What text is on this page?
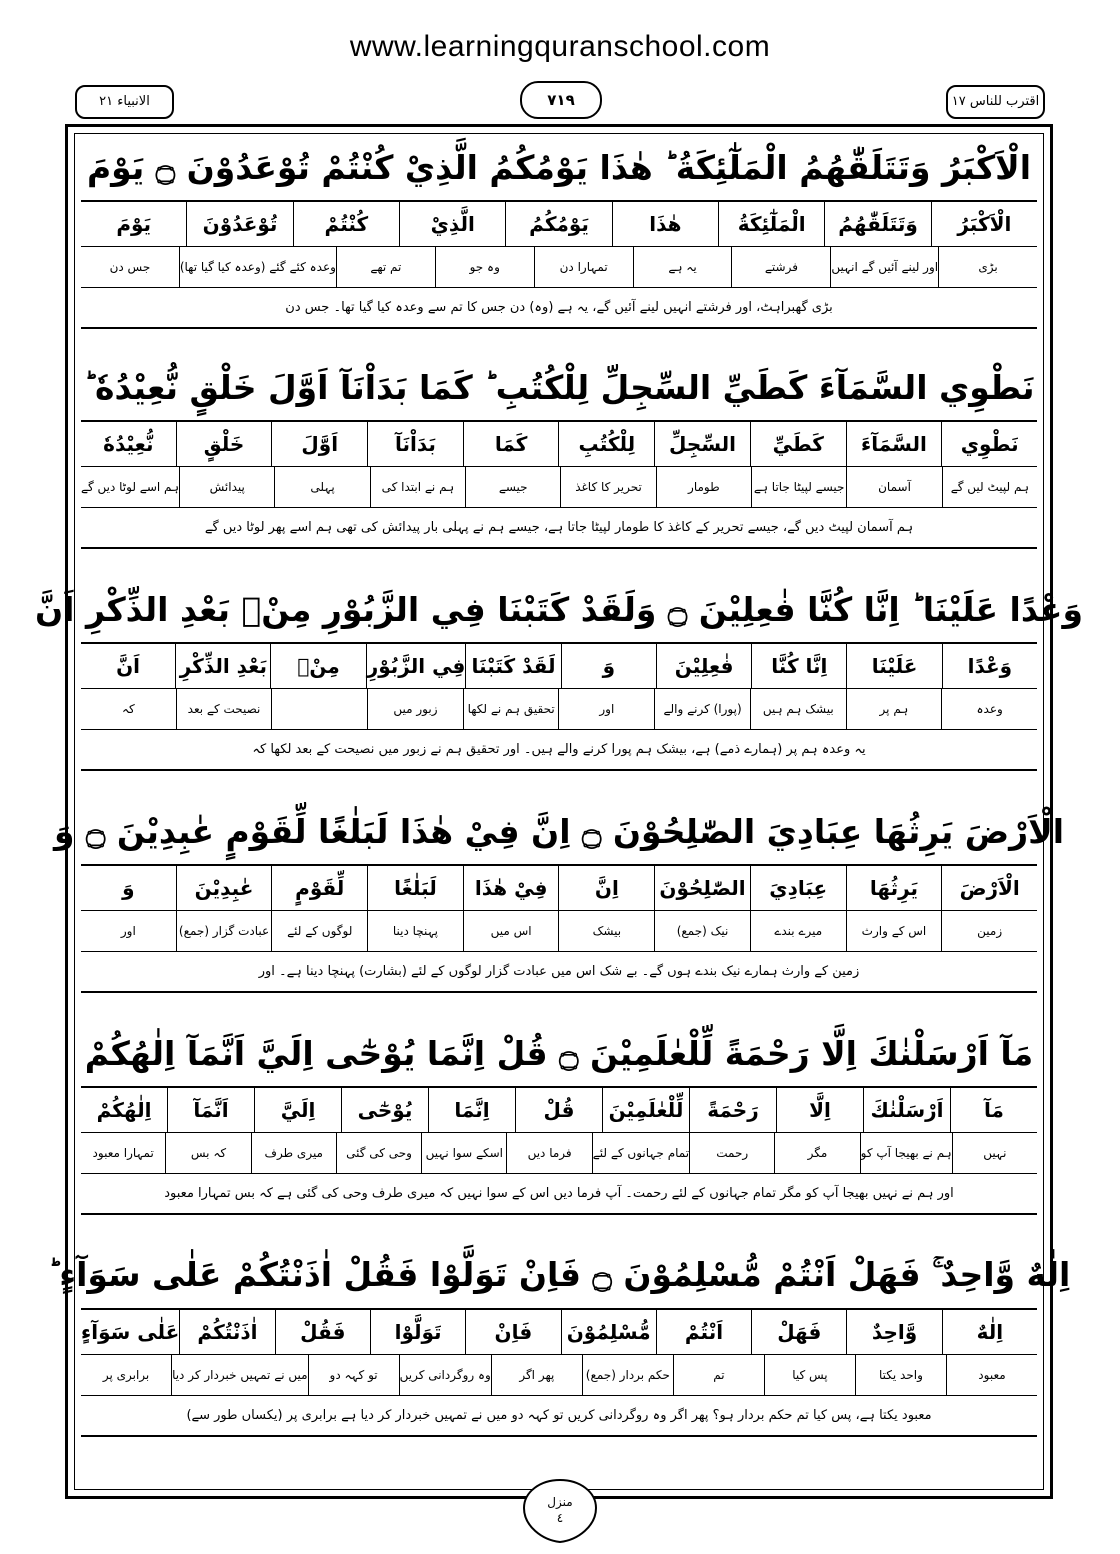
www.learningquranschool.com
الانبياء ٢١	٧١٩	اقترب للناس ١٧
الْاَكْبَرُ وَتَتَلَقّٰهُمُ الْمَلٰٓئِكَةُ ؕ هٰذَا يَوْمُكُمُ الَّذِيْ كُنْتُمْ تُوْعَدُوْنَ ۝ يَوْمَ
الْاَكْبَرُ
وَتَتَلَقّٰهُمُ
الْمَلٰٓئِكَةُ
هٰذَا
يَوْمُكُمُ
الَّذِيْ
كُنْتُمْ
تُوْعَدُوْنَ
يَوْمَ
بڑی
اور لینے آئیں گے انہیں
فرشتے
یہ ہے
تمہارا دن
وہ جو
تم تھے
وعدہ کئے گئے (وعدہ کیا گیا تھا)
جس دن
بڑی گھبراہٹ، اور فرشتے انہیں لینے آئیں گے، یہ ہے (وہ) دن جس کا تم سے وعدہ کیا گیا تھا۔ جس دن
نَطْوِي السَّمَآءَ كَطَيِّ السِّجِلِّ لِلْكُتُبِ ؕ كَمَا بَدَاْنَآ اَوَّلَ خَلْقٍ نُّعِيْدُهٗ ؕ
نَطْوِي
السَّمَآءَ
كَطَيِّ
السِّجِلِّ
لِلْكُتُبِ
كَمَا
بَدَاْنَآ
اَوَّلَ
خَلْقٍ
نُّعِيْدُهٗ
ہم لپیٹ لیں گے
آسمان
جیسے لپیٹا جاتا ہے
طومار
تحریر کا کاغذ
جیسے
ہم نے ابتدا کی
پہلی
پیدائش
ہم اسے لوٹا دیں گے
ہم آسمان لپیٹ دیں گے، جیسے تحریر کے کاغذ کا طومار لپیٹا جاتا ہے، جیسے ہم نے پہلی بار پیدائش کی تھی ہم اسے پھر لوٹا دیں گے
وَعْدًا عَلَيْنَا ؕ اِنَّا كُنَّا فٰعِلِيْنَ ۝ وَلَقَدْ كَتَبْنَا فِي الزَّبُوْرِ مِنْۢ بَعْدِ الذِّكْرِ اَنَّ
وَعْدًا
عَلَيْنَا
اِنَّا كُنَّا
فٰعِلِيْنَ
وَ
لَقَدْ كَتَبْنَا
فِي الزَّبُوْرِ
مِنْۢ
بَعْدِ الذِّكْرِ
اَنَّ
وعدہ
ہم پر
بیشک ہم ہیں
(پورا) کرنے والے
اور
تحقیق ہم نے لکھا
زبور میں
نصیحت کے بعد
کہ
یہ وعدہ ہم پر (ہمارے ذمے) ہے، بیشک ہم پورا کرنے والے ہیں۔ اور تحقیق ہم نے زبور میں نصیحت کے بعد لکھا کہ
الْاَرْضَ يَرِثُهَا عِبَادِيَ الصّٰلِحُوْنَ ۝ اِنَّ فِيْ هٰذَا لَبَلٰغًا لِّقَوْمٍ عٰبِدِيْنَ ۝ وَ
الْاَرْضَ
يَرِثُهَا
عِبَادِيَ
الصّٰلِحُوْنَ
اِنَّ
فِيْ هٰذَا
لَبَلٰغًا
لِّقَوْمٍ
عٰبِدِيْنَ
وَ
زمین
اس کے وارث
میرے بندے
نیک (جمع)
بیشک
اس میں
پہنچا دینا
لوگوں کے لئے
عبادت گزار (جمع)
اور
زمین کے وارث ہمارے نیک بندے ہوں گے۔ بے شک اس میں عبادت گزار لوگوں کے لئے (بشارت) پہنچا دینا ہے۔ اور
مَآ اَرْسَلْنٰكَ اِلَّا رَحْمَةً لِّلْعٰلَمِيْنَ ۝ قُلْ اِنَّمَا يُوْحٰٓى اِلَيَّ اَنَّمَآ اِلٰهُكُمْ
مَآ
اَرْسَلْنٰكَ
اِلَّا
رَحْمَةً
لِّلْعٰلَمِيْنَ
قُلْ
اِنَّمَا
يُوْحٰٓى
اِلَيَّ
اَنَّمَآ
اِلٰهُكُمْ
نہیں
ہم نے بھیجا آپ کو
مگر
رحمت
تمام جہانوں کے لئے
فرما دیں
اسکے سوا نہیں
وحی کی گئی
میری طرف
کہ بس
تمہارا معبود
اور ہم نے نہیں بھیجا آپ کو مگر تمام جہانوں کے لئے رحمت۔ آپ فرما دیں اس کے سوا نہیں کہ میری طرف وحی کی گئی ہے کہ بس تمہارا معبود
اِلٰهٌ وَّاحِدٌ ۚ فَهَلْ اَنْتُمْ مُّسْلِمُوْنَ ۝ فَاِنْ تَوَلَّوْا فَقُلْ اٰذَنْتُكُمْ عَلٰى سَوَآءٍ ؕ
اِلٰهٌ
وَّاحِدٌ
فَهَلْ
اَنْتُمْ
مُّسْلِمُوْنَ
فَاِنْ
تَوَلَّوْا
فَقُلْ
اٰذَنْتُكُمْ
عَلٰى سَوَآءٍ
معبود
واحد یکتا
پس کیا
تم
حکم بردار (جمع)
پھر اگر
وہ روگردانی کریں
تو کہہ دو
میں نے تمہیں خبردار کر دیا
برابری پر
معبود یکتا ہے، پس کیا تم حکم بردار ہو؟ پھر اگر وہ روگردانی کریں تو کہہ دو میں نے تمہیں خبردار کر دیا ہے برابری پر (یکساں طور سے)
منزل
٤
